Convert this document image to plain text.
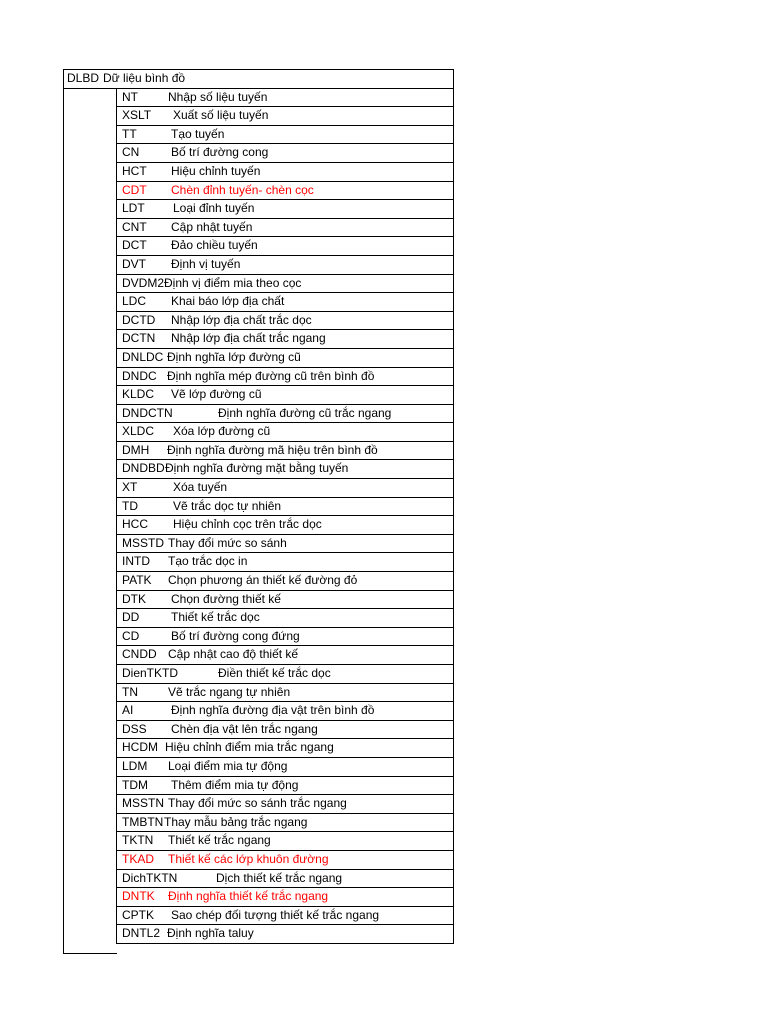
DLBD Dữ liệu bình đồ
NT	Nhập số liệu tuyến
XSLT Xuất số liệu tuyến
TT	Tạo tuyến
CN	Bố trí đường cong
HCT Hiệu chỉnh tuyến
CDT Chèn đỉnh tuyến- chèn cọc
LDT Loại đỉnh tuyến
CNT Cập nhật tuyến
DCT Đảo chiều tuyến
DVT Định vị tuyến
DVDM2 Định vị điểm mia theo cọc
LDC Khai báo lớp địa chất
DCTD Nhập lớp địa chất trắc dọc
DCTN Nhập lớp địa chất trắc ngang
DNLDC Định nghĩa lớp đường cũ
DNDC Định nghĩa mép đường cũ trên bình đồ
KLDC Vẽ lớp đường cũ
DNDCTN	Định nghĩa đường cũ trắc ngang
XLDC Xóa lớp đường cũ
DMH Định nghĩa đường mã hiệu trên bình đồ
DNDBD Định nghĩa đường mặt bằng tuyến
XT	Xóa tuyến
TD	Vẽ trắc dọc tự nhiên
HCC Hiệu chỉnh cọc trên trắc dọc
MSSTD Thay đổi mức so sánh
INTD Tạo trắc dọc in
PATK Chọn phương án thiết kế đường đỏ
DTK Chọn đường thiết kế
DD	Thiết kế trắc dọc
CD	Bố trí đường cong đứng
CNDD Cập nhật cao độ thiết kế
DienTKTD	Điền thiết kế trắc dọc
TN	Vẽ trắc ngang tự nhiên
AI	Định nghĩa đường địa vật trên bình đồ
DSS Chèn địa vật lên trắc ngang
HCDM Hiệu chỉnh điểm mia trắc ngang
LDM Loại điểm mia tự động
TDM Thêm điểm mia tự động
MSSTN Thay đổi mức so sánh trắc ngang
TMBTN Thay mẫu bảng trắc ngang
TKTN Thiết kế trắc ngang
TKAD Thiết kế các lớp khuôn đường
DichTKTN	Dịch thiết kế trắc ngang
DNTK Định nghĩa thiết kế trắc ngang
CPTK Sao chép đối tượng thiết kế trắc ngang
DNTL2 Định nghĩa taluy
